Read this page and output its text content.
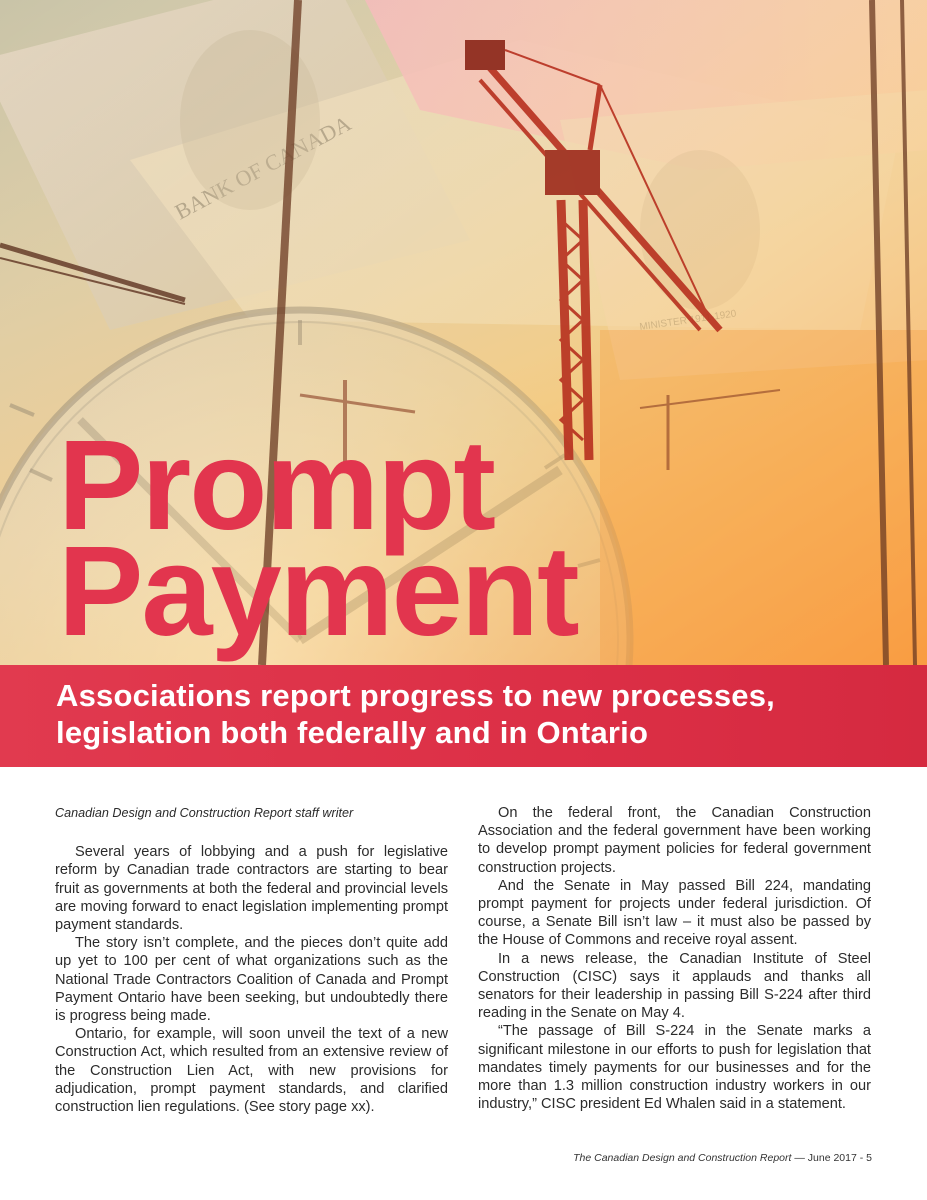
Prompt
Payment
Associations report progress to new processes,
legislation both federally and in Ontario

Canadian Design and Construction Report staff writer

Several years of lobbying and a push for legislative reform by Canadian trade contractors are starting to bear fruit as governments at both the federal and provincial levels are moving forward to enact legislation implementing prompt payment standards.

The story isn’t complete, and the pieces don’t quite add up yet to 100 per cent of what organizations such as the National Trade Contractors Coalition of Canada and Prompt Payment Ontario have been seeking, but undoubtedly there is progress being made.

Ontario, for example, will soon unveil the text of a new Construction Act, which resulted from an extensive review of the Construction Lien Act, with new provisions for adjudication, prompt payment standards, and clarified construction lien regulations. (See story page xx).

On the federal front, the Canadian Construction Association and the federal government have been working to develop prompt payment policies for federal government construction projects.

And the Senate in May passed Bill 224, mandating prompt payment for projects under federal jurisdiction. Of course, a Senate Bill isn’t law – it must also be passed by the House of Commons and receive royal assent.

In a news release, the Canadian Institute of Steel Construction (CISC) says it applauds and thanks all senators for their leadership in passing Bill S-224 after third reading in the Senate on May 4.

“The passage of Bill S-224 in the Senate marks a significant milestone in our efforts to push for legislation that mandates timely payments for our businesses and for the more than 1.3 million construction industry workers in our industry,” CISC president Ed Whalen said in a statement.

The Canadian Design and Construction Report — June 2017 - 5
